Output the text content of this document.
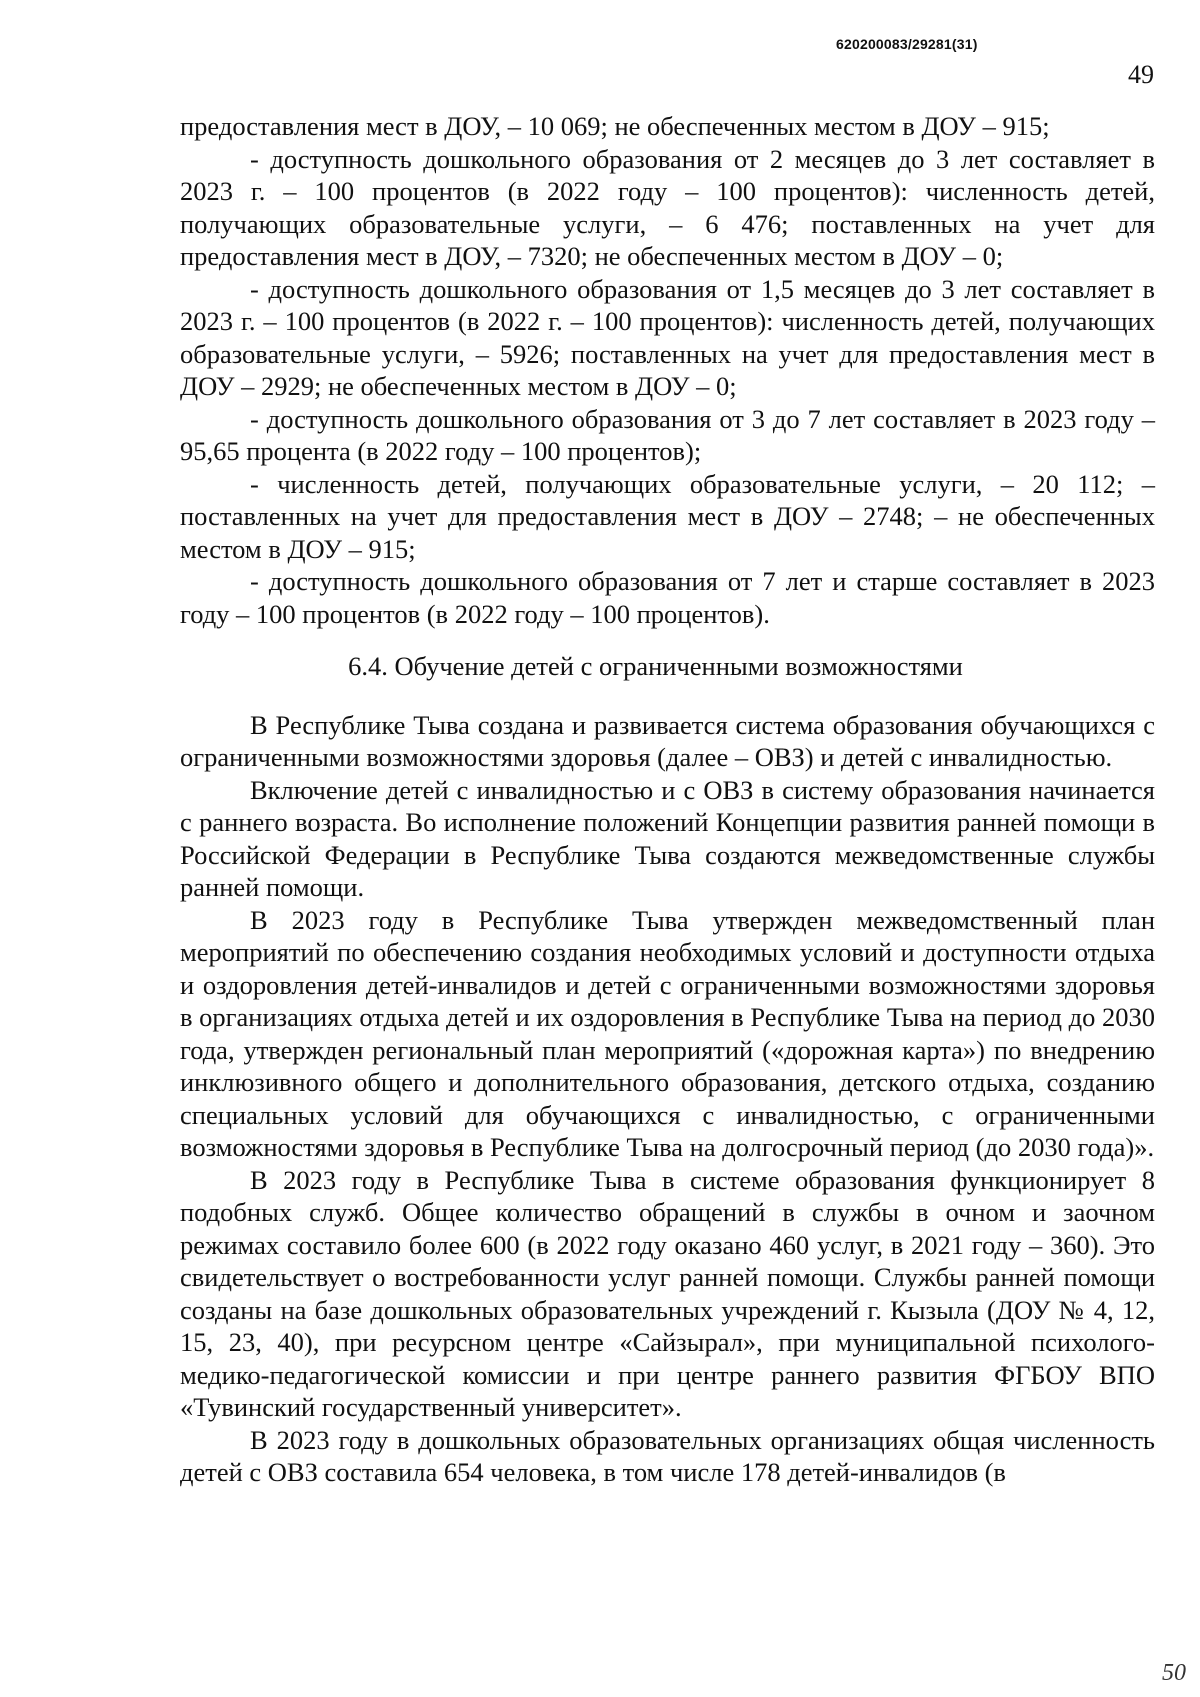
620200083/29281(31)
49

предоставления мест в ДОУ, – 10 069; не обеспеченных местом в ДОУ – 915;

- доступность дошкольного образования от 2 месяцев до 3 лет составляет в 2023 г. – 100 процентов (в 2022 году – 100 процентов): численность детей, получающих образовательные услуги, – 6 476; поставленных на учет для предоставления мест в ДОУ, – 7320; не обеспеченных местом в ДОУ – 0;

- доступность дошкольного образования от 1,5 месяцев до 3 лет составляет в 2023 г. – 100 процентов (в 2022 г. – 100 процентов): численность детей, получающих образовательные услуги, – 5926; поставленных на учет для предоставления мест в ДОУ – 2929; не обеспеченных местом в ДОУ – 0;

- доступность дошкольного образования от 3 до 7 лет составляет в 2023 году – 95,65 процента (в 2022 году – 100 процентов);

- численность детей, получающих образовательные услуги, – 20 112; – поставленных на учет для предоставления мест в ДОУ – 2748; – не обеспеченных местом в ДОУ – 915;

- доступность дошкольного образования от 7 лет и старше составляет в 2023 году – 100 процентов (в 2022 году – 100 процентов).

6.4. Обучение детей с ограниченными возможностями

В Республике Тыва создана и развивается система образования обучающихся с ограниченными возможностями здоровья (далее – ОВЗ) и детей с инвалидностью.

Включение детей с инвалидностью и с ОВЗ в систему образования начинается с раннего возраста. Во исполнение положений Концепции развития ранней помощи в Российской Федерации в Республике Тыва создаются межведомственные службы ранней помощи.

В 2023 году в Республике Тыва утвержден межведомственный план мероприятий по обеспечению создания необходимых условий и доступности отдыха и оздоровления детей-инвалидов и детей с ограниченными возможностями здоровья в организациях отдыха детей и их оздоровления в Республике Тыва на период до 2030 года, утвержден региональный план мероприятий («дорожная карта») по внедрению инклюзивного общего и дополнительного образования, детского отдыха, созданию специальных условий для обучающихся с инвалидностью, с ограниченными возможностями здоровья в Республике Тыва на долгосрочный период (до 2030 года)».

В 2023 году в Республике Тыва в системе образования функционирует 8 подобных служб. Общее количество обращений в службы в очном и заочном режимах составило более 600 (в 2022 году оказано 460 услуг, в 2021 году – 360). Это свидетельствует о востребованности услуг ранней помощи. Службы ранней помощи созданы на базе дошкольных образовательных учреждений г. Кызыла (ДОУ № 4, 12, 15, 23, 40), при ресурсном центре «Сайзырал», при муниципальной психолого-медико-педагогической комиссии и при центре раннего развития ФГБОУ ВПО «Тувинский государственный университет».

В 2023 году в дошкольных образовательных организациях общая численность детей с ОВЗ составила 654 человека, в том числе 178 детей-инвалидов (в

50
